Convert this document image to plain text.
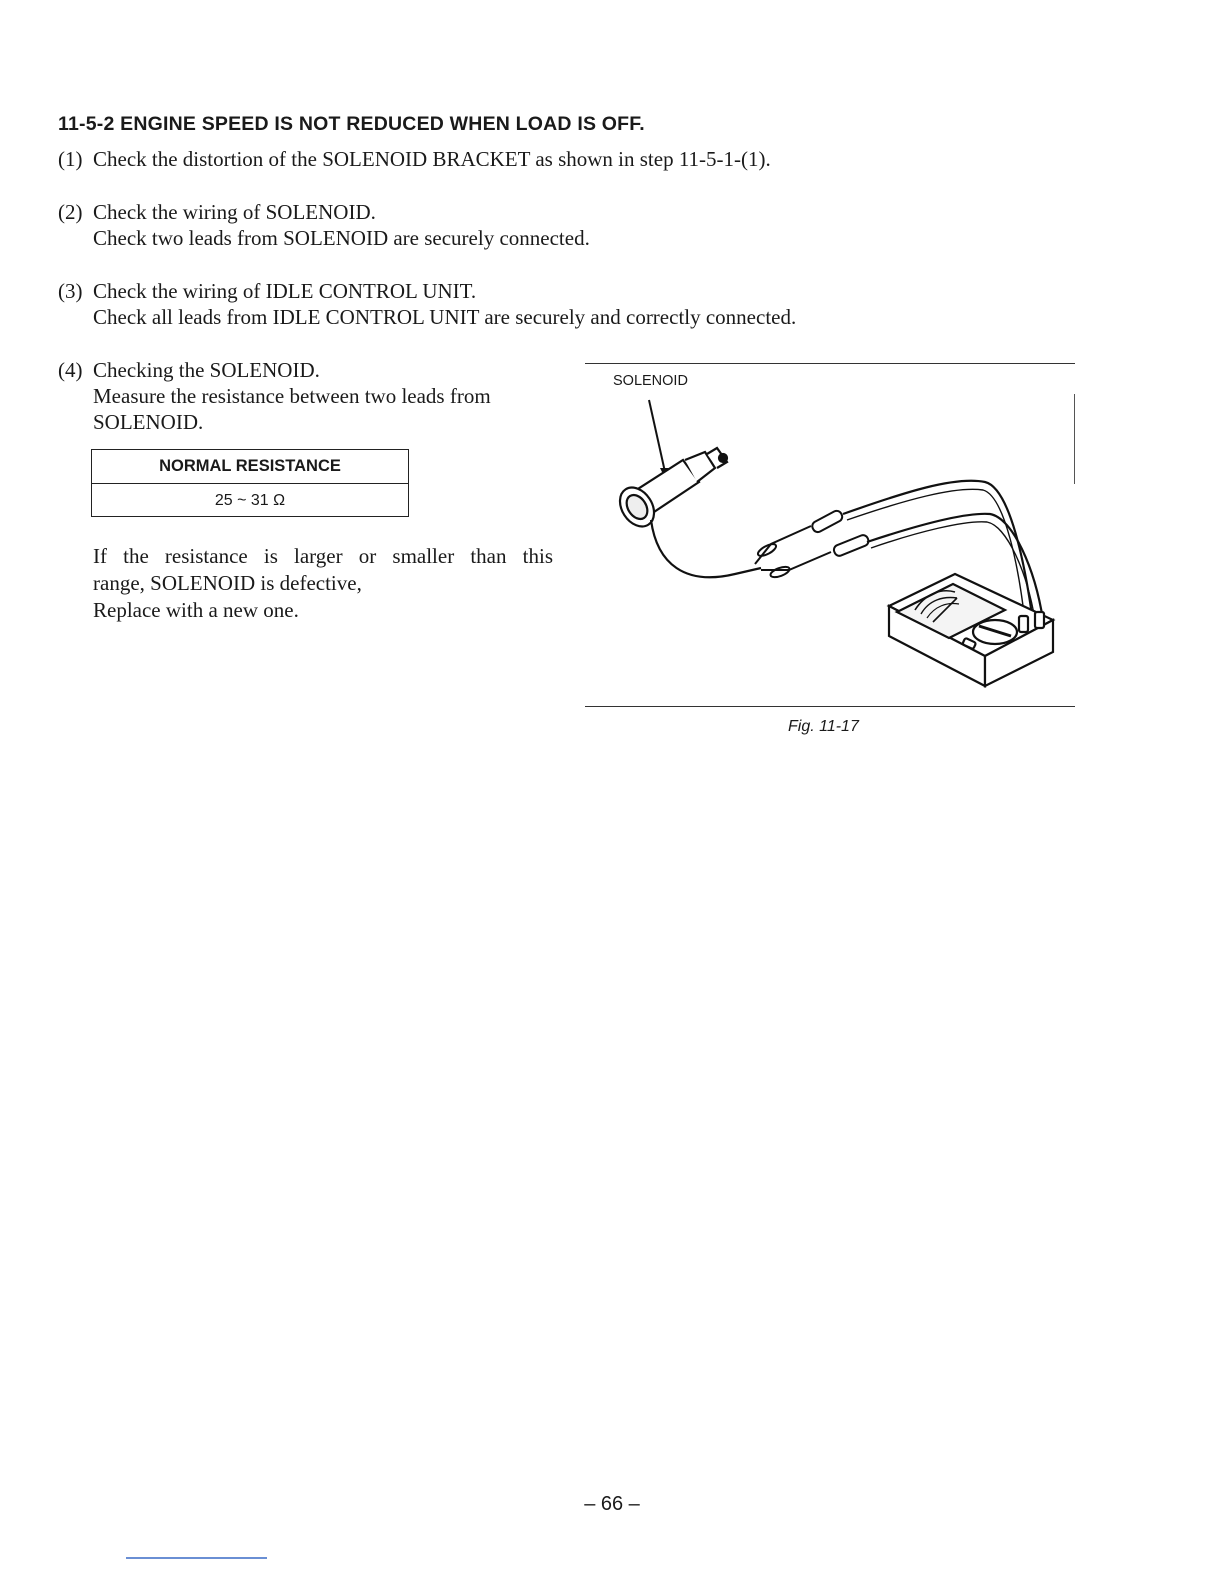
11-5-2 ENGINE SPEED IS NOT REDUCED WHEN LOAD IS OFF.
(1) Check the distortion of the SOLENOID BRACKET as shown in step 11-5-1-(1).
(2) Check the wiring of SOLENOID.
Check two leads from SOLENOID are securely connected.
(3) Check the wiring of IDLE CONTROL UNIT.
Check all leads from IDLE CONTROL UNIT are securely and correctly connected.
(4) Checking the SOLENOID.
Measure the resistance between two leads from
SOLENOID.
NORMAL RESISTANCE
25 ~ 31 Ω
If the resistance is larger or smaller than this
range, SOLENOID is defective,
Replace with a new one.
SOLENOID
Fig. 11-17
– 66 –
